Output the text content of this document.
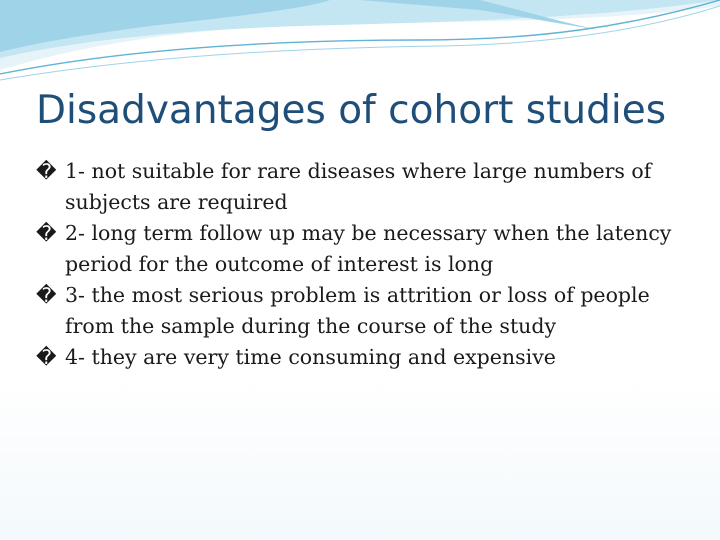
Disadvantages of cohort studies
� 1- not suitable for rare diseases where large numbers of subjects are required
� 2- long term follow up may be necessary when the latency period for the outcome of interest is long
� 3- the most serious problem is attrition or loss of people from the sample during the course of the study
� 4- they are very time consuming and expensive
